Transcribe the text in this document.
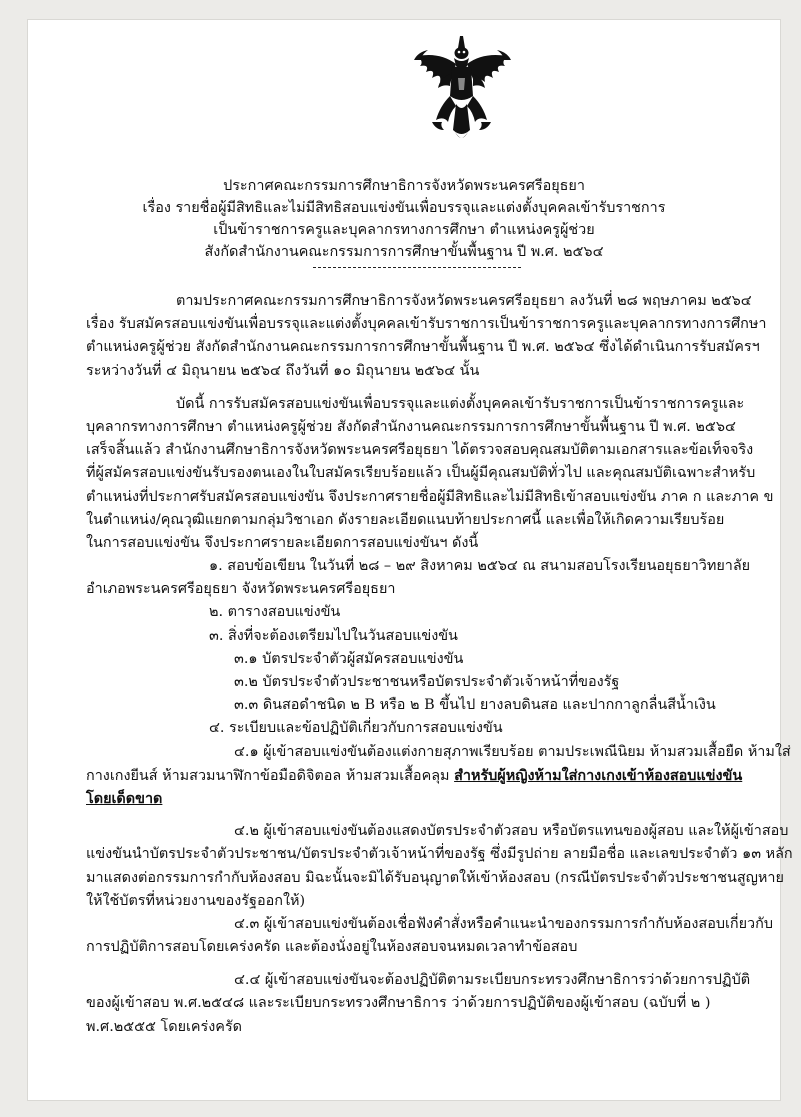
ประกาศคณะกรรมการศึกษาธิการจังหวัดพระนครศรีอยุธยา
เรื่อง รายชื่อผู้มีสิทธิและไม่มีสิทธิสอบแข่งขันเพื่อบรรจุและแต่งตั้งบุคคลเข้ารับราชการ
เป็นข้าราชการครูและบุคลากรทางการศึกษา ตำแหน่งครูผู้ช่วย
สังกัดสำนักงานคณะกรรมการการศึกษาขั้นพื้นฐาน ปี พ.ศ. ๒๕๖๔
ตามประกาศคณะกรรมการศึกษาธิการจังหวัดพระนครศรีอยุธยา ลงวันที่ ๒๘ พฤษภาคม ๒๕๖๔
เรื่อง รับสมัครสอบแข่งขันเพื่อบรรจุและแต่งตั้งบุคคลเข้ารับราชการเป็นข้าราชการครูและบุคลากรทางการศึกษา
ตำแหน่งครูผู้ช่วย สังกัดสำนักงานคณะกรรมการการศึกษาขั้นพื้นฐาน ปี พ.ศ. ๒๕๖๔ ซึ่งได้ดำเนินการรับสมัครฯ
ระหว่างวันที่ ๔ มิถุนายน ๒๕๖๔ ถึงวันที่ ๑๐ มิถุนายน ๒๕๖๔ นั้น
บัดนี้ การรับสมัครสอบแข่งขันเพื่อบรรจุและแต่งตั้งบุคคลเข้ารับราชการเป็นข้าราชการครูและ
บุคลากรทางการศึกษา ตำแหน่งครูผู้ช่วย สังกัดสำนักงานคณะกรรมการการศึกษาขั้นพื้นฐาน ปี พ.ศ. ๒๕๖๔
เสร็จสิ้นแล้ว สำนักงานศึกษาธิการจังหวัดพระนครศรีอยุธยา ได้ตรวจสอบคุณสมบัติตามเอกสารและข้อเท็จจริง
ที่ผู้สมัครสอบแข่งขันรับรองตนเองในใบสมัครเรียบร้อยแล้ว เป็นผู้มีคุณสมบัติทั่วไป และคุณสมบัติเฉพาะสำหรับ
ตำแหน่งที่ประกาศรับสมัครสอบแข่งขัน จึงประกาศรายชื่อผู้มีสิทธิและไม่มีสิทธิเข้าสอบแข่งขัน ภาค ก และภาค ข
ในตำแหน่ง/คุณวุฒิแยกตามกลุ่มวิชาเอก ดังรายละเอียดแนบท้ายประกาศนี้ และเพื่อให้เกิดความเรียบร้อย
ในการสอบแข่งขัน จึงประกาศรายละเอียดการสอบแข่งขันฯ ดังนี้
๑. สอบข้อเขียน ในวันที่ ๒๘ – ๒๙ สิงหาคม ๒๕๖๔ ณ สนามสอบโรงเรียนอยุธยาวิทยาลัย
อำเภอพระนครศรีอยุธยา จังหวัดพระนครศรีอยุธยา
๒. ตารางสอบแข่งขัน
๓. สิ่งที่จะต้องเตรียมไปในวันสอบแข่งขัน
๓.๑ บัตรประจำตัวผู้สมัครสอบแข่งขัน
๓.๒ บัตรประจำตัวประชาชนหรือบัตรประจำตัวเจ้าหน้าที่ของรัฐ
๓.๓ ดินสอดำชนิด ๒ B หรือ ๒ B ขึ้นไป ยางลบดินสอ และปากกาลูกลื่นสีน้ำเงิน
๔. ระเบียบและข้อปฏิบัติเกี่ยวกับการสอบแข่งขัน
๔.๑ ผู้เข้าสอบแข่งขันต้องแต่งกายสุภาพเรียบร้อย ตามประเพณีนิยม ห้ามสวมเสื้อยืด ห้ามใส่
กางเกงยีนส์ ห้ามสวมนาฬิกาข้อมือดิจิตอล ห้ามสวมเสื้อคลุม สำหรับผู้หญิงห้ามใส่กางเกงเข้าห้องสอบแข่งขัน
โดยเด็ดขาด
๔.๒ ผู้เข้าสอบแข่งขันต้องแสดงบัตรประจำตัวสอบ หรือบัตรแทนของผู้สอบ และให้ผู้เข้าสอบ
แข่งขันนำบัตรประจำตัวประชาชน/บัตรประจำตัวเจ้าหน้าที่ของรัฐ ซึ่งมีรูปถ่าย ลายมือชื่อ และเลขประจำตัว ๑๓ หลัก
มาแสดงต่อกรรมการกำกับห้องสอบ มิฉะนั้นจะมิได้รับอนุญาตให้เข้าห้องสอบ (กรณีบัตรประจำตัวประชาชนสูญหาย
ให้ใช้บัตรที่หน่วยงานของรัฐออกให้)
๔.๓ ผู้เข้าสอบแข่งขันต้องเชื่อฟังคำสั่งหรือคำแนะนำของกรรมการกำกับห้องสอบเกี่ยวกับ
การปฏิบัติการสอบโดยเคร่งครัด และต้องนั่งอยู่ในห้องสอบจนหมดเวลาทำข้อสอบ
๔.๔ ผู้เข้าสอบแข่งขันจะต้องปฏิบัติตามระเบียบกระทรวงศึกษาธิการว่าด้วยการปฏิบัติ
ของผู้เข้าสอบ พ.ศ.๒๕๔๘ และระเบียบกระทรวงศึกษาธิการ ว่าด้วยการปฏิบัติของผู้เข้าสอบ (ฉบับที่ ๒ )
พ.ศ.๒๕๕๕ โดยเคร่งครัด
